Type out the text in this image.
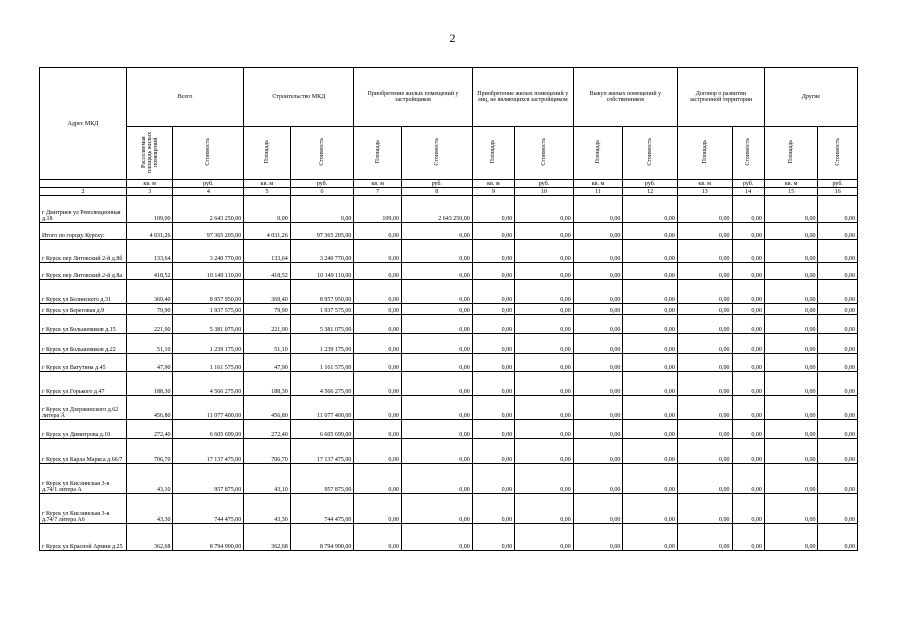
2
Адрес МКД	Всего		Строительство МКД		Приобретение жилых помещений у застройщиков		Приобретение жилых помещений у лиц, не являющихся застройщиком		Выкуп жилых помещений у собственников		Договор о развитии застроенной территории		Другие	
	Расселяемая площадь жилых помещений	Стоимость	Площадь	Стоимость	Площадь	Стоимость	Площадь	Стоимость	Площадь	Стоимость	Площадь	Стоимость	Площадь	Стоимость
	кв. м	руб.	кв. м	руб.	кв. м	руб.	кв. м	руб.	кв. м	руб.	кв. м	руб.	кв. м	руб.
2	3	4	5	6	7	8	9	10	11	12	13	14	15	16
г Дмитриев ул Революционная д.18	109,00	2 643 250,00	0,00	0,00	109,00	2 643 250,00	0,00	0,00	0,00	0,00	0,00	0,00	0,00	0,00
Итого по городу Курску:	4 031,26	97 365 205,00	4 031,26	97 365 205,00	0,00	0,00	0,00	0,00	0,00	0,00	0,00	0,00	0,00	0,00
г Курск пер Литовский 2-й д.8б	133,64	3 240 770,00	133,64	3 240 770,00	0,00	0,00	0,00	0,00	0,00	0,00	0,00	0,00	0,00	0,00
г Курск пер Литовский 2-й д.8а	418,52	10 149 110,00	418,52	10 149 110,00	0,00	0,00	0,00	0,00	0,00	0,00	0,00	0,00	0,00	0,00
г Курск ул Белинского д.31	369,40	8 957 950,00	369,40	8 957 950,00	0,00	0,00	0,00	0,00	0,00	0,00	0,00	0,00	0,00	0,00
г Курск ул Береговая д.9	79,90	1 937 575,00	79,90	1 937 575,00	0,00	0,00	0,00	0,00	0,00	0,00	0,00	0,00	0,00	0,00
г Курск ул Большевиков д.15	221,90	5 381 075,00	221,90	5 381 075,00	0,00	0,00	0,00	0,00	0,00	0,00	0,00	0,00	0,00	0,00
г Курск ул Большевиков д.22	51,10	1 239 175,00	51,10	1 239 175,00	0,00	0,00	0,00	0,00	0,00	0,00	0,00	0,00	0,00	0,00
г Курск ул Ватутина д.45	47,90	1 161 575,00	47,90	1 161 575,00	0,00	0,00	0,00	0,00	0,00	0,00	0,00	0,00	0,00	0,00
г Курск ул Горького д.47	188,30	4 566 275,00	188,30	4 566 275,00	0,00	0,00	0,00	0,00	0,00	0,00	0,00	0,00	0,00	0,00
г Курск ул Дзержинского д.62 литера А	456,80	11 077 400,00	456,80	11 077 400,00	0,00	0,00	0,00	0,00	0,00	0,00	0,00	0,00	0,00	0,00
г Курск ул Димитрова д.10	272,40	6 605 699,00	272,40	6 605 699,00	0,00	0,00	0,00	0,00	0,00	0,00	0,00	0,00	0,00	0,00
г Курск ул Карла Маркса д.66/7	706,70	17 137 475,00	706,70	17 137 475,00	0,00	0,00	0,00	0,00	0,00	0,00	0,00	0,00	0,00	0,00
г Курск ул Кислинская 3-я д.74/1 литера А	43,10	957 875,00	43,10	957 875,00	0,00	0,00	0,00	0,00	0,00	0,00	0,00	0,00	0,00	0,00
г Курск ул Кислинская 3-я д.74/7 литера А6	43,30	744 475,00	43,30	744 475,00	0,00	0,00	0,00	0,00	0,00	0,00	0,00	0,00	0,00	0,00
г Курск ул Красной Армии д.25	362,68	8 794 990,00	362,68	8 794 990,00	0,00	0,00	0,00	0,00	0,00	0,00	0,00	0,00	0,00	0,00
